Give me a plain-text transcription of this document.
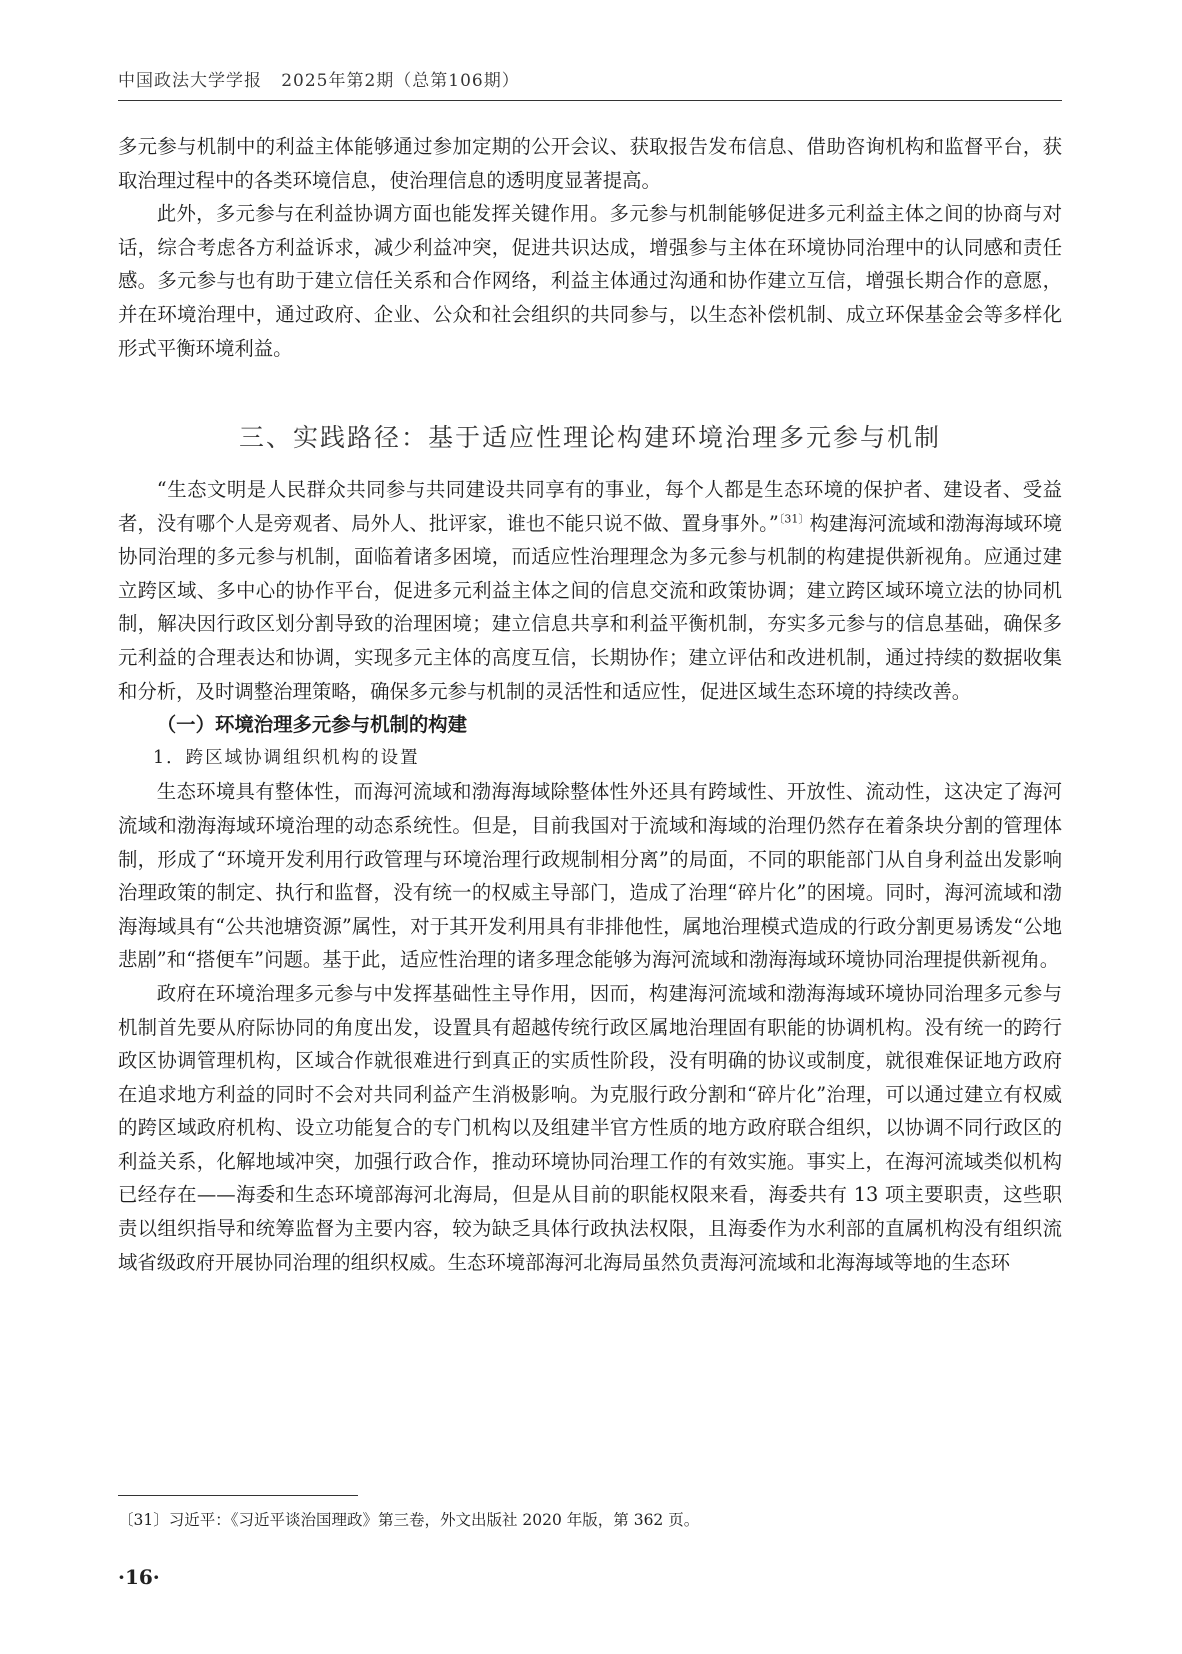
中国政法大学学报 2025年第2期（总第106期）

多元参与机制中的利益主体能够通过参加定期的公开会议、获取报告发布信息、借助咨询机构和监督平台，获取治理过程中的各类环境信息，使治理信息的透明度显著提高。

此外，多元参与在利益协调方面也能发挥关键作用。多元参与机制能够促进多元利益主体之间的协商与对话，综合考虑各方利益诉求，减少利益冲突，促进共识达成，增强参与主体在环境协同治理中的认同感和责任感。多元参与也有助于建立信任关系和合作网络，利益主体通过沟通和协作建立互信，增强长期合作的意愿，并在环境治理中，通过政府、企业、公众和社会组织的共同参与，以生态补偿机制、成立环保基金会等多样化形式平衡环境利益。

三、实践路径：基于适应性理论构建环境治理多元参与机制

“生态文明是人民群众共同参与共同建设共同享有的事业，每个人都是生态环境的保护者、建设者、受益者，没有哪个人是旁观者、局外人、批评家，谁也不能只说不做、置身事外。”$^{〔31〕}$构建海河流域和渤海海域环境协同治理的多元参与机制，面临着诸多困境，而适应性治理理念为多元参与机制的构建提供新视角。应通过建立跨区域、多中心的协作平台，促进多元利益主体之间的信息交流和政策协调；建立跨区域环境立法的协同机制，解决因行政区划分割导致的治理困境；建立信息共享和利益平衡机制，夯实多元参与的信息基础，确保多元利益的合理表达和协调，实现多元主体的高度互信，长期协作；建立评估和改进机制，通过持续的数据收集和分析，及时调整治理策略，确保多元参与机制的灵活性和适应性，促进区域生态环境的持续改善。

（一）环境治理多元参与机制的构建

1．跨区域协调组织机构的设置

生态环境具有整体性，而海河流域和渤海海域除整体性外还具有跨域性、开放性、流动性，这决定了海河流域和渤海海域环境治理的动态系统性。但是，目前我国对于流域和海域的治理仍然存在着条块分割的管理体制，形成了“环境开发利用行政管理与环境治理行政规制相分离”的局面，不同的职能部门从自身利益出发影响治理政策的制定、执行和监督，没有统一的权威主导部门，造成了治理“碎片化”的困境。同时，海河流域和渤海海域具有“公共池塘资源”属性，对于其开发利用具有非排他性，属地治理模式造成的行政分割更易诱发“公地悲剧”和“搭便车”问题。基于此，适应性治理的诸多理念能够为海河流域和渤海海域环境协同治理提供新视角。

政府在环境治理多元参与中发挥基础性主导作用，因而，构建海河流域和渤海海域环境协同治理多元参与机制首先要从府际协同的角度出发，设置具有超越传统行政区属地治理固有职能的协调机构。没有统一的跨行政区协调管理机构，区域合作就很难进行到真正的实质性阶段，没有明确的协议或制度，就很难保证地方政府在追求地方利益的同时不会对共同利益产生消极影响。为克服行政分割和“碎片化”治理，可以通过建立有权威的跨区域政府机构、设立功能复合的专门机构以及组建半官方性质的地方政府联合组织，以协调不同行政区的利益关系，化解地域冲突，加强行政合作，推动环境协同治理工作的有效实施。事实上，在海河流域类似机构已经存在——海委和生态环境部海河北海局，但是从目前的职能权限来看，海委共有 13 项主要职责，这些职责以组织指导和统筹监督为主要内容，较为缺乏具体行政执法权限，且海委作为水利部的直属机构没有组织流域省级政府开展协同治理的组织权威。生态环境部海河北海局虽然负责海河流域和北海海域等地的生态环

〔31〕习近平：《习近平谈治国理政》第三卷，外文出版社 2020 年版，第 362 页。
·16·
